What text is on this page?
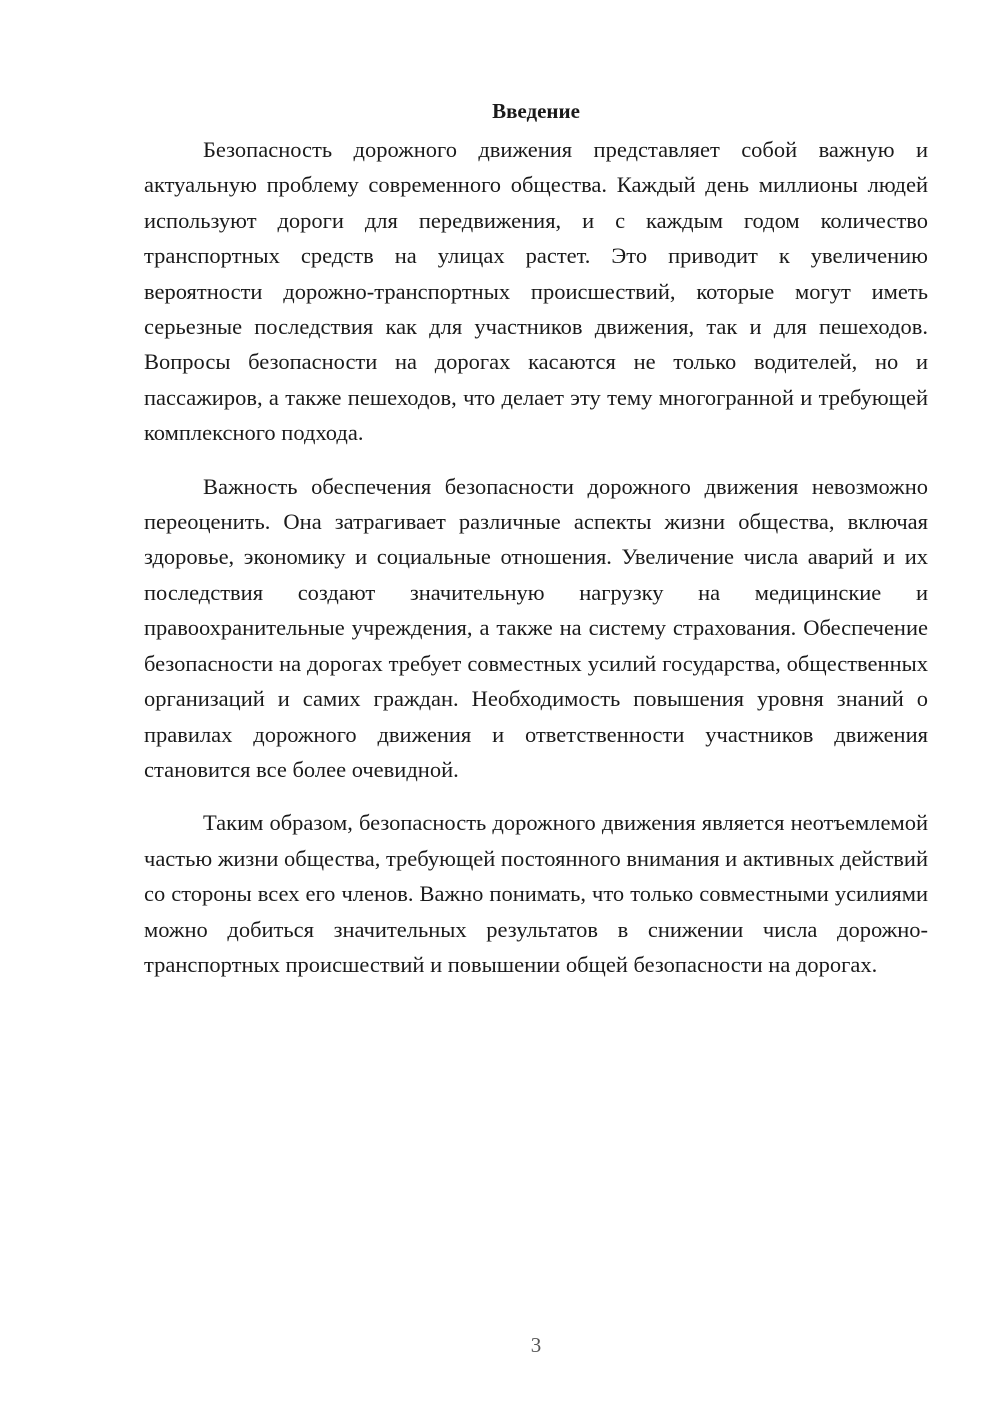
Введение

Безопасность дорожного движения представляет собой важную и актуальную проблему современного общества. Каждый день миллионы людей используют дороги для передвижения, и с каждым годом количество транспортных средств на улицах растет. Это приводит к увеличению вероятности дорожно-транспортных происшествий, которые могут иметь серьезные последствия как для участников движения, так и для пешеходов. Вопросы безопасности на дорогах касаются не только водителей, но и пассажиров, а также пешеходов, что делает эту тему многогранной и требующей комплексного подхода.

Важность обеспечения безопасности дорожного движения невозможно переоценить. Она затрагивает различные аспекты жизни общества, включая здоровье, экономику и социальные отношения. Увеличение числа аварий и их последствия создают значительную нагрузку на медицинские и правоохранительные учреждения, а также на систему страхования. Обеспечение безопасности на дорогах требует совместных усилий государства, общественных организаций и самих граждан. Необходимость повышения уровня знаний о правилах дорожного движения и ответственности участников движения становится все более очевидной.

Таким образом, безопасность дорожного движения является неотъемлемой частью жизни общества, требующей постоянного внимания и активных действий со стороны всех его членов. Важно понимать, что только совместными усилиями можно добиться значительных результатов в снижении числа дорожно-транспортных происшествий и повышении общей безопасности на дорогах.

3
